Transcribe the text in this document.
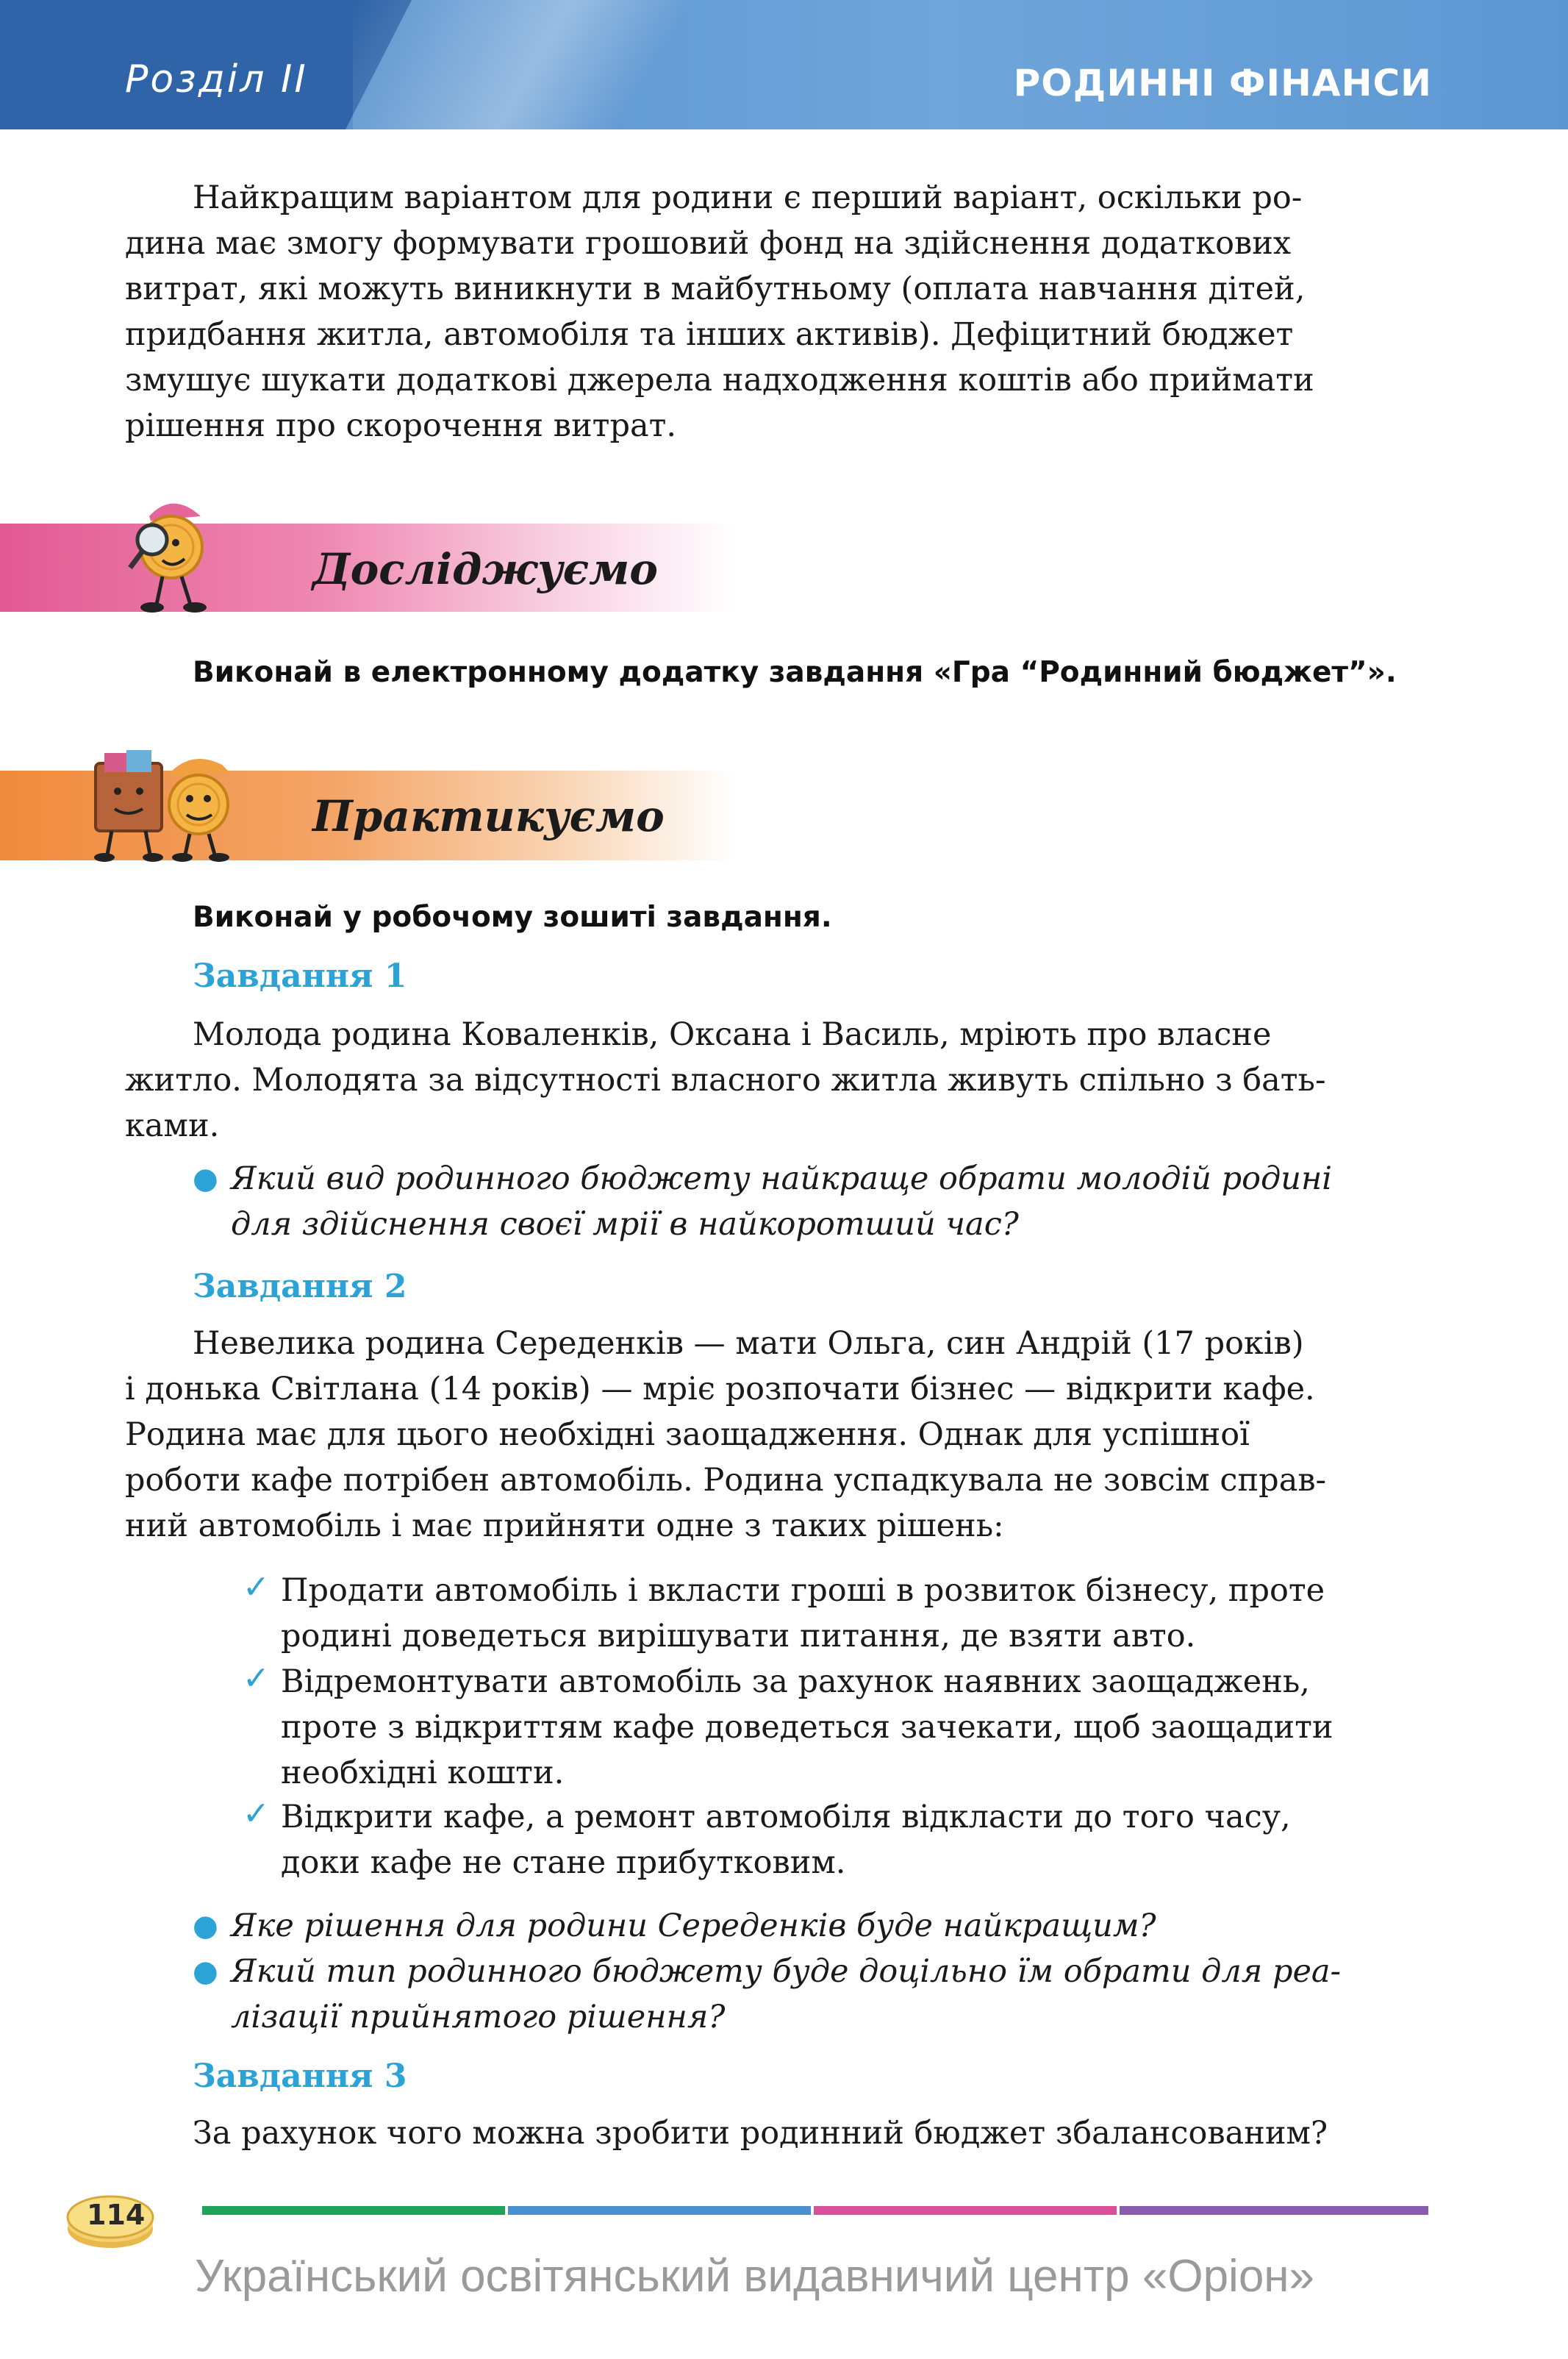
Розділ II	РОДИННІ ФІНАНСИ
Найкращим варіантом для родини є перший варіант, оскільки ро-
дина має змогу формувати грошовий фонд на здійснення додаткових
витрат, які можуть виникнути в майбутньому (оплата навчання дітей,
придбання житла, автомобіля та інших активів). Дефіцитний бюджет
змушує шукати додаткові джерела надходження коштів або приймати
рішення про скорочення витрат.
Досліджуємо
Виконай в електронному додатку завдання «Гра “Родинний бюджет”».
Практикуємо
Виконай у робочому зошиті завдання.
Завдання 1
Молода родина Коваленків, Оксана і Василь, мріють про власне
житло. Молодята за відсутності власного житла живуть спільно з бать-
ками.
● Який вид родинного бюджету найкраще обрати молодій родині
для здійснення своєї мрії в найкоротший час?
Завдання 2
Невелика родина Середенків — мати Ольга, син Андрій (17 років)
і донька Світлана (14 років) — мріє розпочати бізнес — відкрити кафе.
Родина має для цього необхідні заощадження. Однак для успішної
роботи кафе потрібен автомобіль. Родина успадкувала не зовсім справ-
ний автомобіль і має прийняти одне з таких рішень:
✓ Продати автомобіль і вкласти гроші в розвиток бізнесу, проте
родині доведеться вирішувати питання, де взяти авто.
✓ Відремонтувати автомобіль за рахунок наявних заощаджень,
проте з відкриттям кафе доведеться зачекати, щоб заощадити
необхідні кошти.
✓ Відкрити кафе, а ремонт автомобіля відкласти до того часу,
доки кафе не стане прибутковим.
● Яке рішення для родини Середенків буде найкращим?
● Який тип родинного бюджету буде доцільно їм обрати для реа-
лізації прийнятого рішення?
Завдання 3
За рахунок чого можна зробити родинний бюджет збалансованим?
114
Український освітянський видавничий центр «Оріон»
